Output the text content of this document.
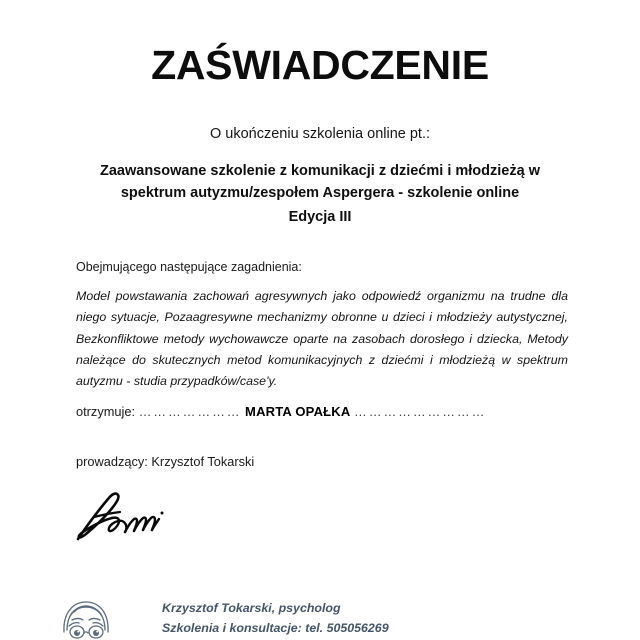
ZAŚWIADCZENIE
O ukończeniu szkolenia online pt.:
Zaawansowane szkolenie z komunikacji z dziećmi i młodzieżą w spektrum autyzmu/zespołem Aspergera - szkolenie online
Edycja III
Obejmującego następujące zagadnienia:
Model powstawania zachowań agresywnych jako odpowiedź organizmu na trudne dla niego sytuacje, Pozaagresywne mechanizmy obronne u dzieci i młodzieży autystycznej, Bezkonfliktowe metody wychowawcze oparte na zasobach dorosłego i dziecka, Metody należące do skutecznych metod komunikacyjnych z dziećmi i młodzieżą w spektrum autyzmu - studia przypadków/case'y.
otrzymuje: ………………… MARTA OPAŁKA ………………………
prowadzący: Krzysztof Tokarski
Krzysztof Tokarski, psycholog
Szkolenia i konsultacje: tel. 505056269
